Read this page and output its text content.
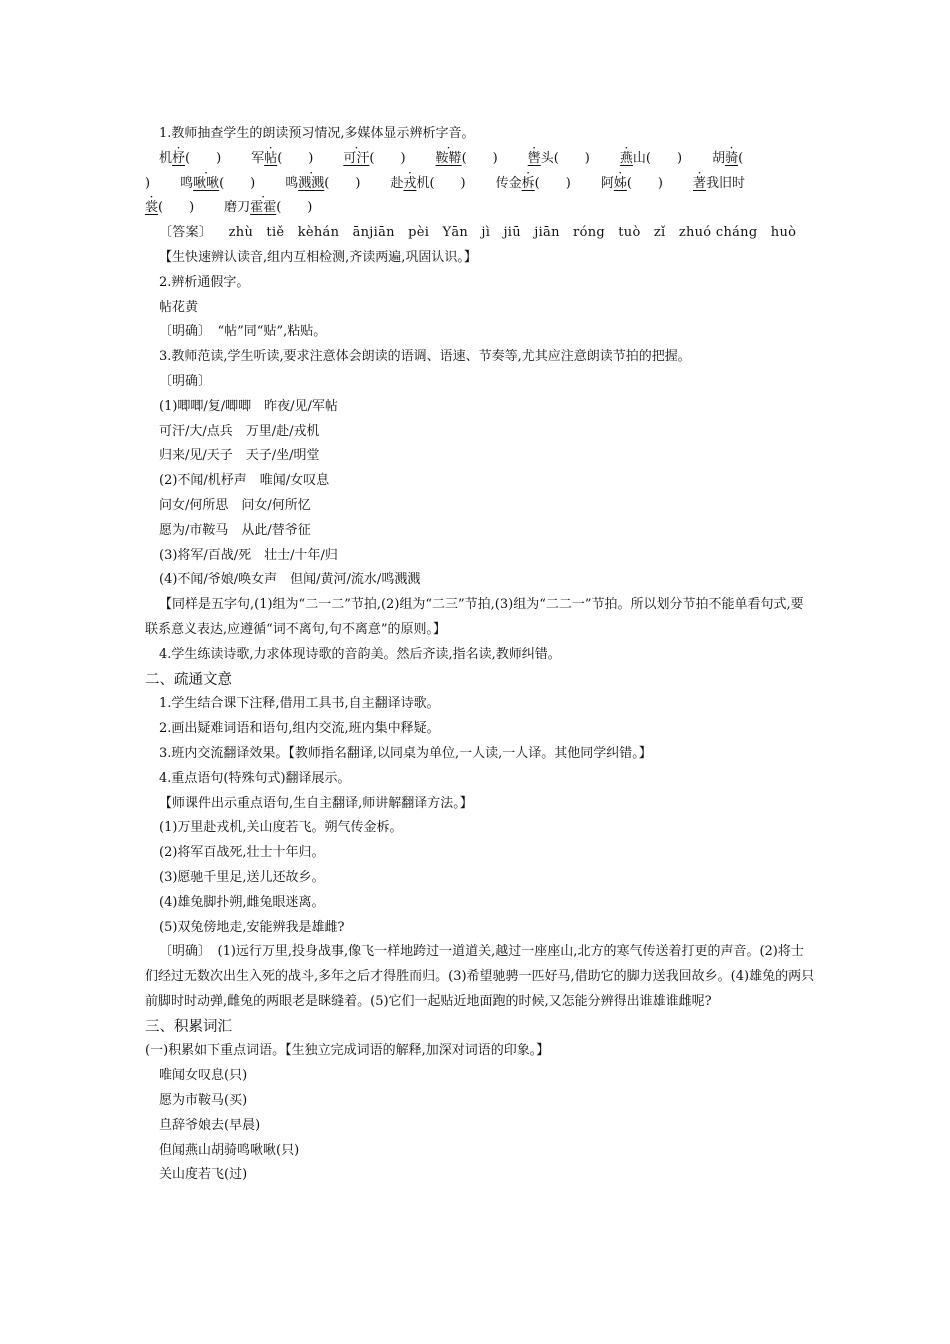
1.教师抽查学生的朗读预习情况,多媒体显示辨析字音。
机杼(　　) 军帖(　　) 可汗(　　) 鞍鞯(　　) 辔头(　　) 燕山(　　) 胡骑(
) 鸣啾啾(　　) 鸣溅溅(　　) 赴戎机(　　) 传金柝(　　) 阿姊(　　) 著我旧时
裳(　　) 磨刀霍霍(　　)
〔答案〕 zhù　tiě　kèhán　ānjiān　pèi　Yān　jì　jiū　jiān　róng　tuò　zǐ　zhuó cháng　huò
【生快速辨认读音,组内互相检测,齐读两遍,巩固认识。】
2.辨析通假字。
帖花黄
〔明确〕　“帖”同“贴”,粘贴。
3.教师范读,学生听读,要求注意体会朗读的语调、语速、节奏等,尤其应注意朗读节拍的把握。
〔明确〕
(1)唧唧/复/唧唧　昨夜/见/军帖
可汗/大/点兵　万里/赴/戎机
归来/见/天子　天子/坐/明堂
(2)不闻/机杼声　唯闻/女叹息
问女/何所思　问女/何所忆
愿为/市鞍马　从此/替爷征
(3)将军/百战/死　壮士/十年/归
(4)不闻/爷娘/唤女声　但闻/黄河/流水/鸣溅溅
【同样是五字句,(1)组为“二一二”节拍,(2)组为“二三”节拍,(3)组为“二二一”节拍。所以划分节拍不能单看句式,要联系意义表达,应遵循“词不离句,句不离意”的原则。】
4.学生练读诗歌,力求体现诗歌的音韵美。然后齐读,指名读,教师纠错。
二、疏通文意
1.学生结合课下注释,借用工具书,自主翻译诗歌。
2.画出疑难词语和语句,组内交流,班内集中释疑。
3.班内交流翻译效果。【教师指名翻译,以同桌为单位,一人读,一人译。其他同学纠错。】
4.重点语句(特殊句式)翻译展示。
【师课件出示重点语句,生自主翻译,师讲解翻译方法。】
(1)万里赴戎机,关山度若飞。朔气传金柝。
(2)将军百战死,壮士十年归。
(3)愿驰千里足,送儿还故乡。
(4)雄兔脚扑朔,雌兔眼迷离。
(5)双兔傍地走,安能辨我是雄雌?
〔明确〕　(1)远行万里,投身战事,像飞一样地跨过一道道关,越过一座座山,北方的寒气传送着打更的声音。(2)将士们经过无数次出生入死的战斗,多年之后才得胜而归。(3)希望驰骋一匹好马,借助它的脚力送我回故乡。(4)雄兔的两只前脚时时动弹,雌兔的两眼老是眯缝着。(5)它们一起贴近地面跑的时候,又怎能分辨得出谁雄谁雌呢?
三、积累词汇
(一)积累如下重点词语。【生独立完成词语的解释,加深对词语的印象。】
唯闻女叹息(只)
愿为市鞍马(买)
旦辞爷娘去(早晨)
但闻燕山胡骑鸣啾啾(只)
关山度若飞(过)
